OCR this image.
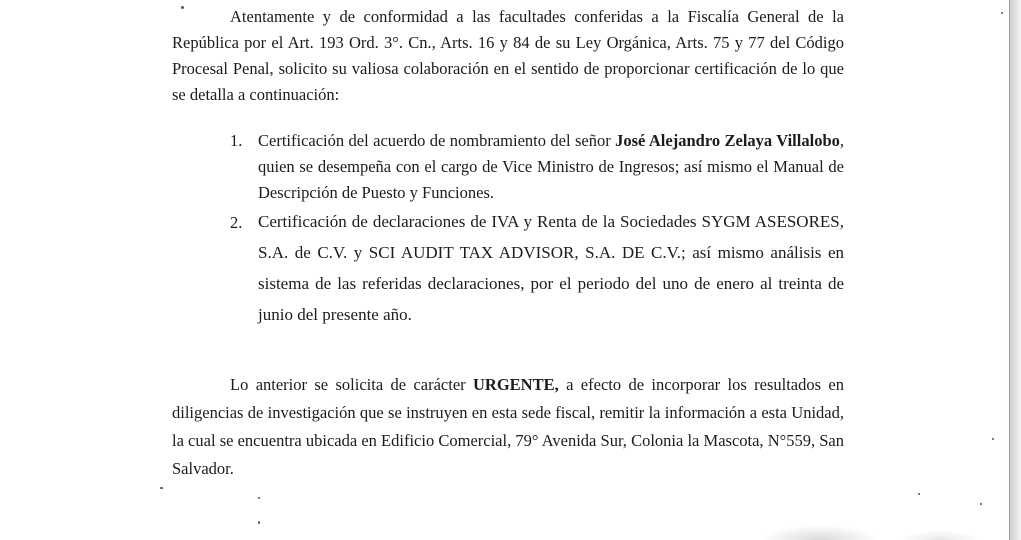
Atentamente y de conformidad a las facultades conferidas a la Fiscalía General de la República por el Art. 193 Ord. 3°. Cn., Arts. 16 y 84 de su Ley Orgánica, Arts. 75 y 77 del Código Procesal Penal, solicito su valiosa colaboración en el sentido de proporcionar certificación de lo que se detalla a continuación:
1. Certificación del acuerdo de nombramiento del señor José Alejandro Zelaya Villalobo, quien se desempeña con el cargo de Vice Ministro de Ingresos; así mismo el Manual de Descripción de Puesto y Funciones.
2. Certificación de declaraciones de IVA y Renta de la Sociedades SYGM ASESORES, S.A. de C.V. y SCI AUDIT TAX ADVISOR, S.A. DE C.V.; así mismo análisis en sistema de las referidas declaraciones, por el periodo del uno de enero al treinta de junio del presente año.
Lo anterior se solicita de carácter URGENTE, a efecto de incorporar los resultados en diligencias de investigación que se instruyen en esta sede fiscal, remitir la información a esta Unidad, la cual se encuentra ubicada en Edificio Comercial, 79° Avenida Sur, Colonia la Mascota, N°559, San Salvador.
